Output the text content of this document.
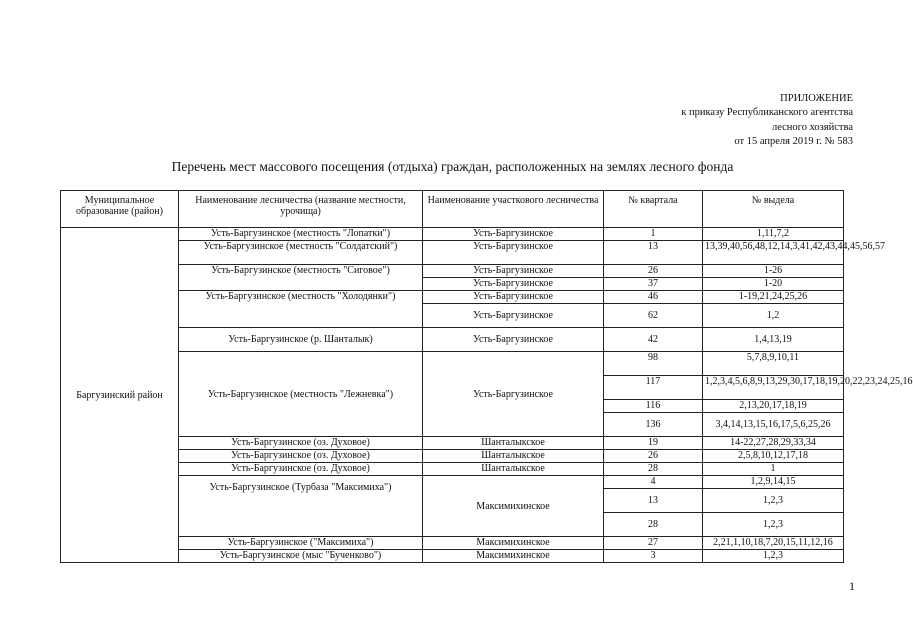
ПРИЛОЖЕНИЕ
к приказу Республиканского агентства
лесного хозяйства
от 15 апреля 2019 г. № 583
Перечень мест массового посещения (отдыха) граждан, расположенных на землях лесного фонда
Муниципальное образование (район)	Наименование лесничества (название местности, урочища)	Наименование участкового лесничества	№ квартала	№ выдела
Баргузинский район	Усть-Баргузинское (местность "Лопатки")	Усть-Баргузинское	1	1,11,7,2
	Усть-Баргузинское (местность "Солдатский")	Усть-Баргузинское	13	13,39,40,56,48,12,14,3,41,42,43,44,45,56,57
	Усть-Баргузинское (местность "Сиговое")	Усть-Баргузинское	26	1-26
		Усть-Баргузинское	37	1-20
	Усть-Баргузинское (местность "Холодянки")	Усть-Баргузинское	46	1-19,21,24,25,26
		Усть-Баргузинское	62	1,2
	Усть-Баргузинское (р. Шанталык)	Усть-Баргузинское	42	1,4,13,19
	Усть-Баргузинское (местность "Лежневка")	Усть-Баргузинское	98	5,7,8,9,10,11
			117	1,2,3,4,5,6,8,9,13,29,30,17,18,19,20,22,23,24,25,16
			116	2,13,20,17,18,19
			136	3,4,14,13,15,16,17,5,6,25,26
	Усть-Баргузинское (оз. Духовое)	Шанталыкское	19	14-22,27,28,29,33,34
	Усть-Баргузинское (оз. Духовое)	Шанталыкское	26	2,5,8,10,12,17,18
	Усть-Баргузинское (оз. Духовое)	Шанталыкское	28	1
	Усть-Баргузинское (Турбаза "Максимиха")	Максимихинское	4	1,2,9,14,15
			13	1,2,3
			28	1,2,3
	Усть-Баргузинское ("Максимиха")	Максимихинское	27	2,21,1,10,18,7,20,15,11,12,16
	Усть-Баргузинское (мыс "Бученково")	Максимихинское	3	1,2,3
1
